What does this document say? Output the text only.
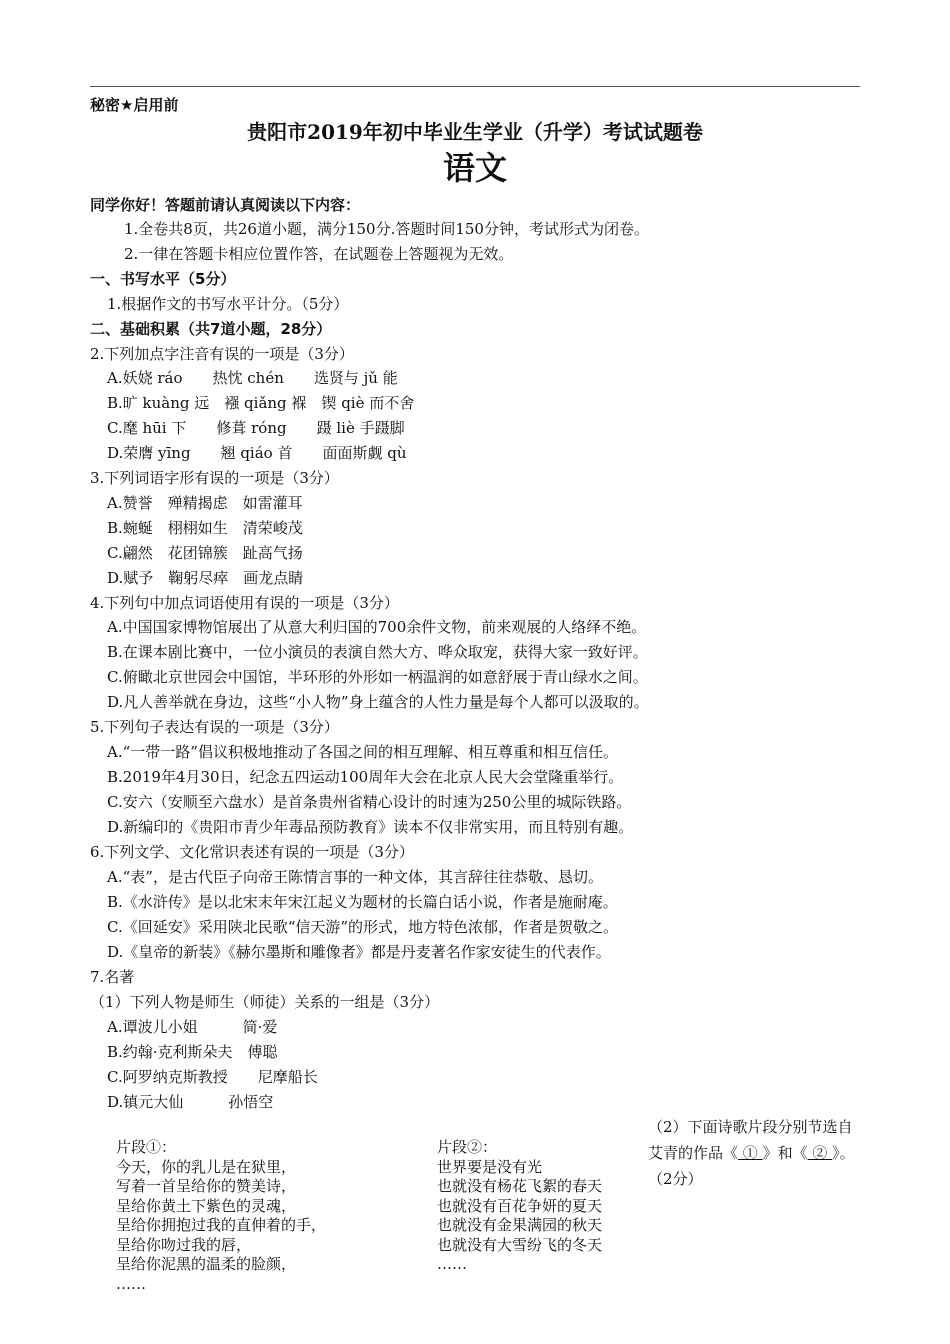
秘密★启用前
贵阳市2019年初中毕业生学业（升学）考试试题卷
语文
同学你好！答题前请认真阅读以下内容：
1.全卷共8页，共26道小题，满分150分.答题时间150分钟，考试形式为闭卷。
2.一律在答题卡相应位置作答，在试题卷上答题视为无效。
一、书写水平（5分）
1.根据作文的书写水平计分。（5分）
二、基础积累（共7道小题，28分）
2.下列加点字注音有误的一项是（3分）
A.妖娆 ráo　　热忱 chén　　选贤与 jǔ 能
B.旷 kuàng 远　襁 qiǎng 褓　锲 qiè 而不舍
C.麾 hūi 下　　修葺 róng　　蹑 liè 手蹑脚
D.荣膺 yīng　　翘 qiáo 首　　面面斯觑 qù
3.下列词语字形有误的一项是（3分）
A.赞誉　殚精揭虑　如雷灌耳
B.蜿蜒　栩栩如生　清荣峻茂
C.翩然　花团锦簇　趾高气扬
D.赋予　鞠躬尽瘁　画龙点睛
4.下列句中加点词语使用有误的一项是（3分）
A.中国国家博物馆展出了从意大利归国的700余件文物，前来观展的人络绎不绝。
B.在课本剧比赛中，一位小演员的表演自然大方、哗众取宠，获得大家一致好评。
C.俯瞰北京世园会中国馆，半环形的外形如一柄温润的如意舒展于青山绿水之间。
D.凡人善举就在身边，这些“小人物”身上蕴含的人性力量是每个人都可以汲取的。
5.下列句子表达有误的一项是（3分）
A.“一带一路”倡议积极地推动了各国之间的相互理解、相互尊重和相互信任。
B.2019年4月30日，纪念五四运动100周年大会在北京人民大会堂隆重举行。
C.安六（安顺至六盘水）是首条贵州省精心设计的时速为250公里的城际铁路。
D.新编印的《贵阳市青少年毒品预防教育》读本不仅非常实用，而且特别有趣。
6.下列文学、文化常识表述有误的一项是（3分）
A.“表”，是古代臣子向帝王陈情言事的一种文体，其言辞往往恭敬、恳切。
B.《水浒传》是以北宋末年宋江起义为题材的长篇白话小说，作者是施耐庵。
C.《回延安》采用陕北民歌“信天游”的形式，地方特色浓郁，作者是贺敬之。
D.《皇帝的新装》《赫尔墨斯和雕像者》都是丹麦著名作家安徒生的代表作。
7.名著
（1）下列人物是师生（师徒）关系的一组是（3分）
A.谭波儿小姐　　　简·爱
B.约翰·克利斯朵夫　傅聪
C.阿罗纳克斯教授　　尼摩船长
D.镇元大仙　　　孙悟空
（2）下面诗歌片段分别节选自艾青的作品《 ① 》和《 ② 》。（2分）
片段①：
今天，你的乳儿是在狱里，
写着一首呈给你的赞美诗，
呈给你黄土下紫色的灵魂，
呈给你拥抱过我的直伸着的手，
呈给你吻过我的唇，
呈给你泥黑的温柔的脸颜，
……
片段②：
世界要是没有光
也就没有杨花飞絮的春天
也就没有百花争妍的夏天
也就没有金果满园的秋天
也就没有大雪纷飞的冬天
……
